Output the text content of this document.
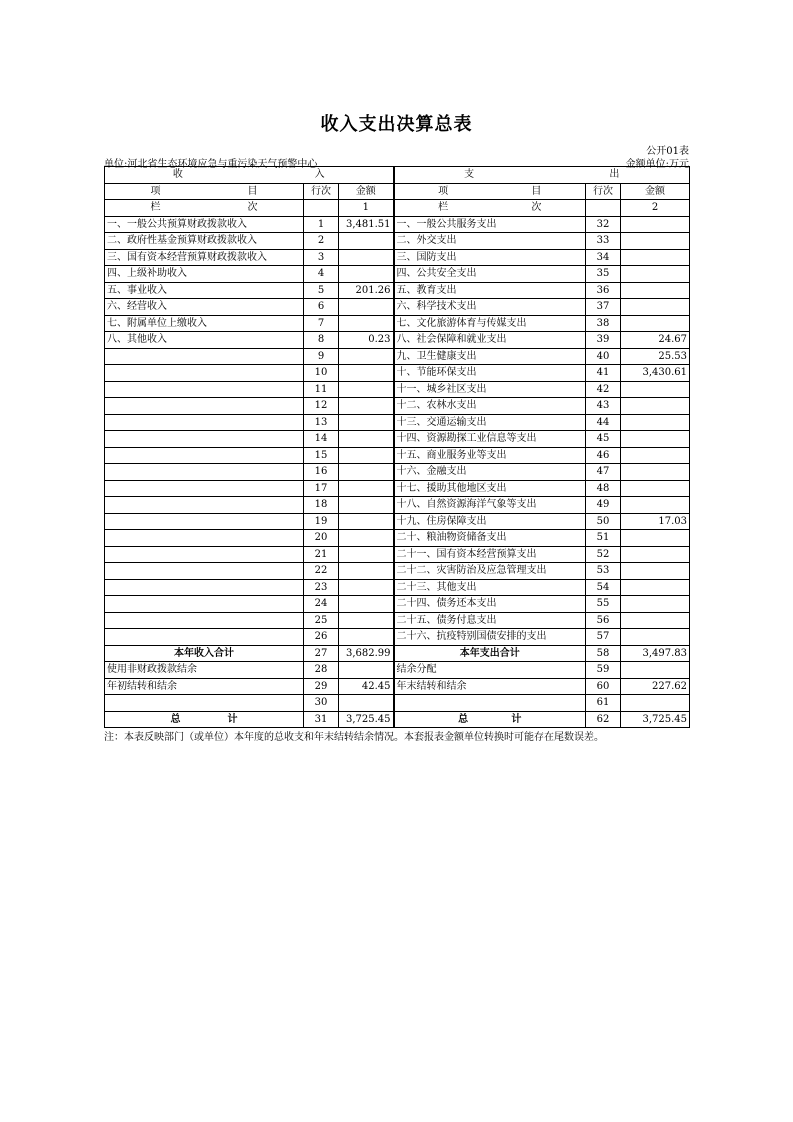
收入支出决算总表
公开01表
单位:河北省生态环境应急与重污染天气预警中心	金额单位:万元
收 入			支 出		

项 目	行次	金额	项 目	行次	金额

栏 次		1	栏 次		2
一、一般公共预算财政拨款收入	1	3,481.51	一、一般公共服务支出	32	
二、政府性基金预算财政拨款收入	2		二、外交支出	33	
三、国有资本经营预算财政拨款收入	3		三、国防支出	34	
四、上级补助收入	4		四、公共安全支出	35	
五、事业收入	5	201.26	五、教育支出	36	
六、经营收入	6		六、科学技术支出	37	
七、附属单位上缴收入	7		七、文化旅游体育与传媒支出	38	
八、其他收入	8	0.23	八、社会保障和就业支出	39	24.67
	9		九、卫生健康支出	40	25.53
	10		十、节能环保支出	41	3,430.61
	11		十一、城乡社区支出	42	
	12		十二、农林水支出	43	
	13		十三、交通运输支出	44	
	14		十四、资源勘探工业信息等支出	45	
	15		十五、商业服务业等支出	46	
	16		十六、金融支出	47	
	17		十七、援助其他地区支出	48	
	18		十八、自然资源海洋气象等支出	49	
	19		十九、住房保障支出	50	17.03
	20		二十、粮油物资储备支出	51	
	21		二十一、国有资本经营预算支出	52	
	22		二十二、灾害防治及应急管理支出	53	
	23		二十三、其他支出	54	
	24		二十四、债务还本支出	55	
	25		二十五、债务付息支出	56	
	26		二十六、抗疫特别国债安排的支出	57	
本年收入合计	27	3,682.99	本年支出合计	58	3,497.83
使用非财政拨款结余	28		结余分配	59	
年初结转和结余	29	42.45	年末结转和结余	60	227.62
	30			61	

总 计	31	3,725.45	总 计	62	3,725.45
注：本表反映部门（或单位）本年度的总收支和年末结转结余情况。本套报表金额单位转换时可能存在尾数误差。
